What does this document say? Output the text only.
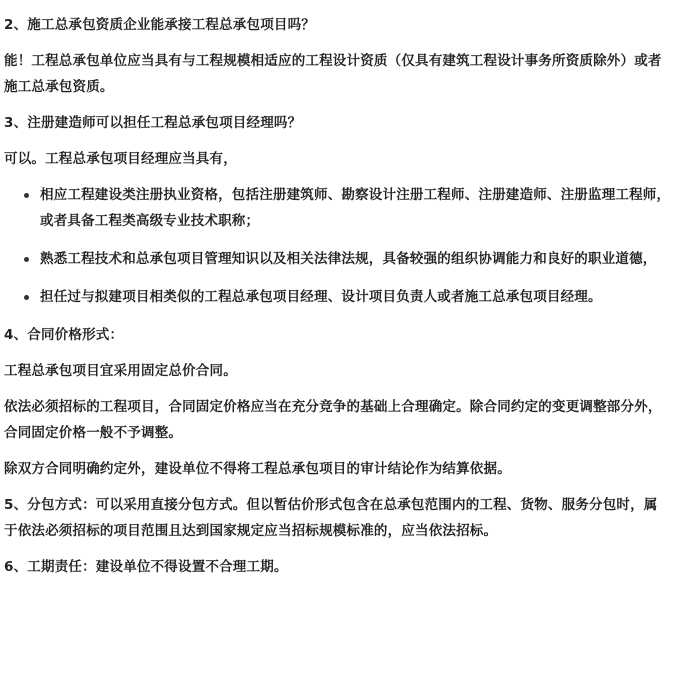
2、施工总承包资质企业能承接工程总承包项目吗？

能！工程总承包单位应当具有与工程规模相适应的工程设计资质（仅具有建筑工程设计事务所资质除外）或者施工总承包资质。

3、注册建造师可以担任工程总承包项目经理吗？

可以。工程总承包项目经理应当具有，

相应工程建设类注册执业资格，包括注册建筑师、勘察设计注册工程师、注册建造师、注册监理工程师，或者具备工程类高级专业技术职称；
熟悉工程技术和总承包项目管理知识以及相关法律法规，具备较强的组织协调能力和良好的职业道德，
担任过与拟建项目相类似的工程总承包项目经理、设计项目负责人或者施工总承包项目经理。

4、合同价格形式：

工程总承包项目宜采用固定总价合同。

依法必须招标的工程项目，合同固定价格应当在充分竞争的基础上合理确定。除合同约定的变更调整部分外，合同固定价格一般不予调整。

除双方合同明确约定外，建设单位不得将工程总承包项目的审计结论作为结算依据。

5、分包方式：可以采用直接分包方式。但以暂估价形式包含在总承包范围内的工程、货物、服务分包时，属于依法必须招标的项目范围且达到国家规定应当招标规模标准的，应当依法招标。

6、工期责任：建设单位不得设置不合理工期。
